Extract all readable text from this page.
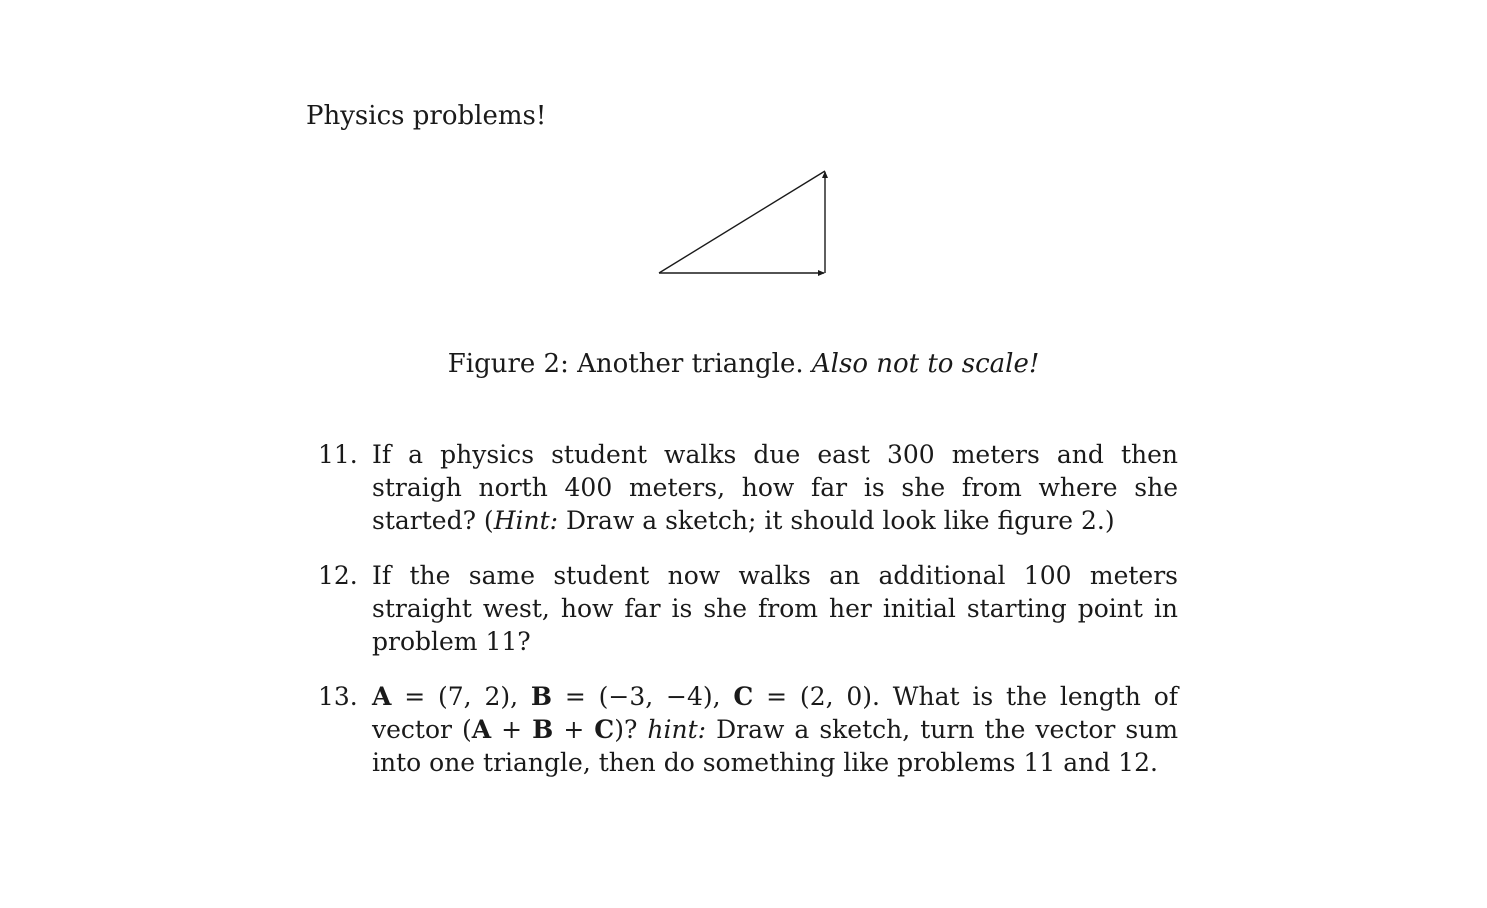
Physics problems!
Figure 2: Another triangle. Also not to scale!
11. If a physics student walks due east 300 meters and then straigh north 400 meters, how far is she from where she started? (Hint: Draw a sketch; it should look like figure 2.)
12. If the same student now walks an additional 100 meters straight west, how far is she from her initial starting point in problem 11?
13. A = (7, 2), B = (−3, −4), C = (2, 0). What is the length of vector (A + B + C)? hint: Draw a sketch, turn the vector sum into one triangle, then do something like problems 11 and 12.
